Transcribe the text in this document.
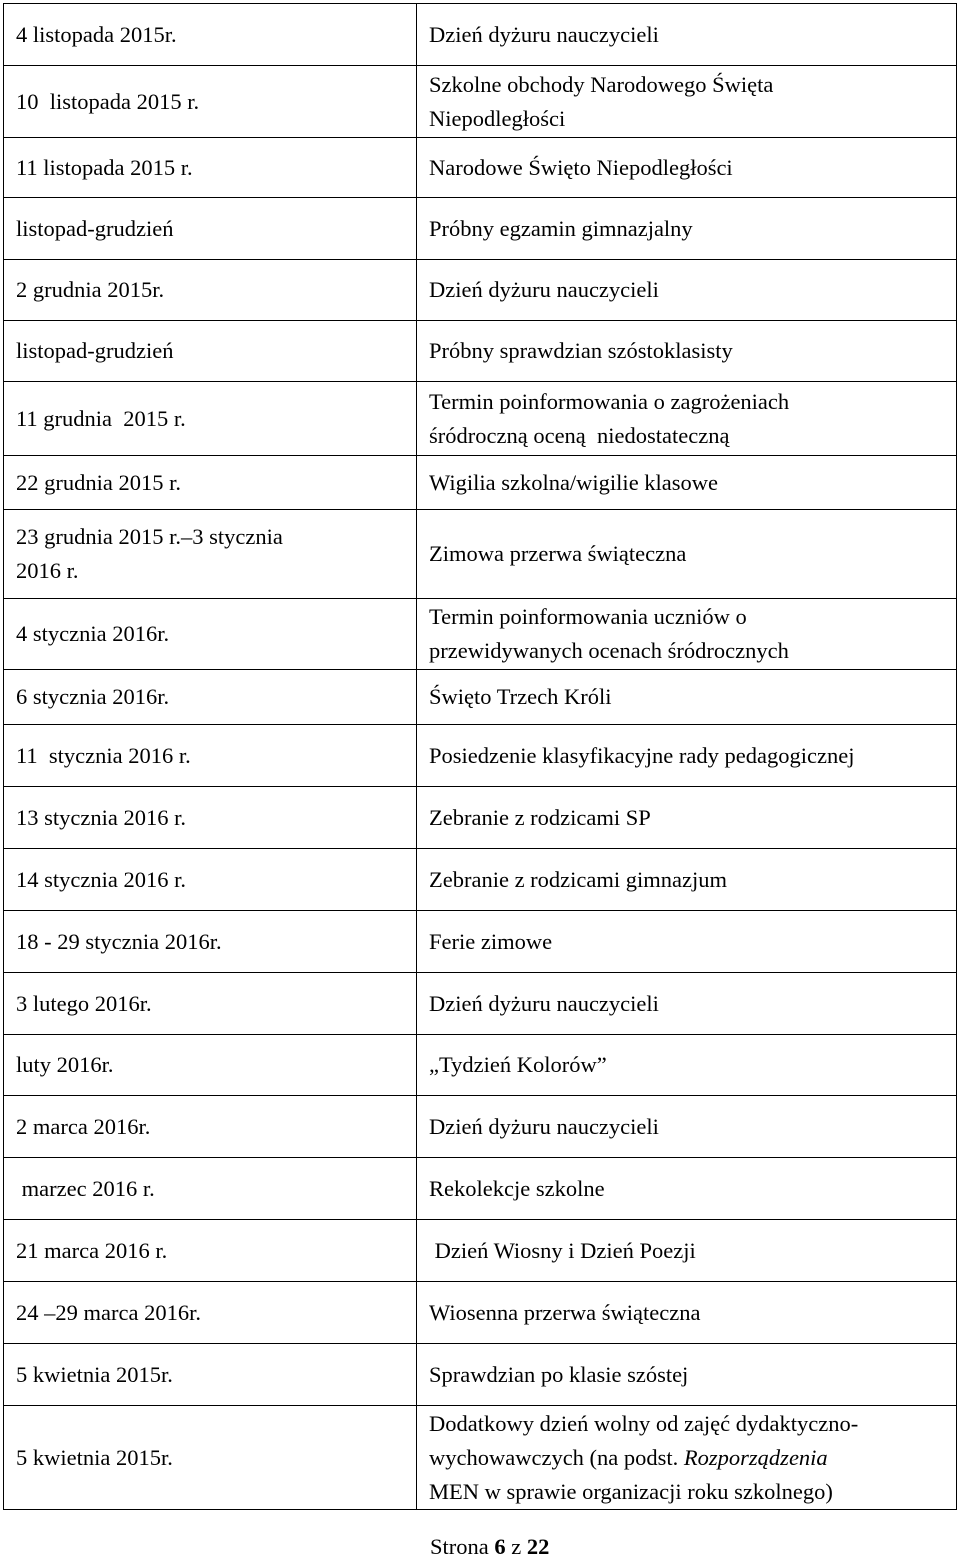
4 listopada 2015r.	Dzień dyżuru nauczycieli
10  listopada 2015 r.	Szkolne obchody Narodowego Święta
Niepodległości
11 listopada 2015 r.	Narodowe Święto Niepodległości
listopad-grudzień	Próbny egzamin gimnazjalny
2 grudnia 2015r.	Dzień dyżuru nauczycieli
listopad-grudzień	Próbny sprawdzian szóstoklasisty
11 grudnia  2015 r.	Termin poinformowania o zagrożeniach
śródroczną oceną  niedostateczną
22 grudnia 2015 r.	Wigilia szkolna/wigilie klasowe
23 grudnia 2015 r.–3 stycznia
2016 r.	Zimowa przerwa świąteczna
4 stycznia 2016r.	Termin poinformowania uczniów o
przewidywanych ocenach śródrocznych
6 stycznia 2016r.	Święto Trzech Króli
11  stycznia 2016 r.	Posiedzenie klasyfikacyjne rady pedagogicznej
13 stycznia 2016 r.	Zebranie z rodzicami SP
14 stycznia 2016 r.	Zebranie z rodzicami gimnazjum
18 - 29 stycznia 2016r.	Ferie zimowe
3 lutego 2016r.	Dzień dyżuru nauczycieli
luty 2016r.	„Tydzień Kolorów”
2 marca 2016r.	Dzień dyżuru nauczycieli
marzec 2016 r.	Rekolekcje szkolne
21 marca 2016 r.	Dzień Wiosny i Dzień Poezji
24 –29 marca 2016r.	Wiosenna przerwa świąteczna
5 kwietnia 2015r.	Sprawdzian po klasie szóstej
5 kwietnia 2015r.	Dodatkowy dzień wolny od zajęć dydaktyczno-
wychowawczych (na podst. Rozporządzenia
MEN w sprawie organizacji roku szkolnego)
Strona 6 z 22
